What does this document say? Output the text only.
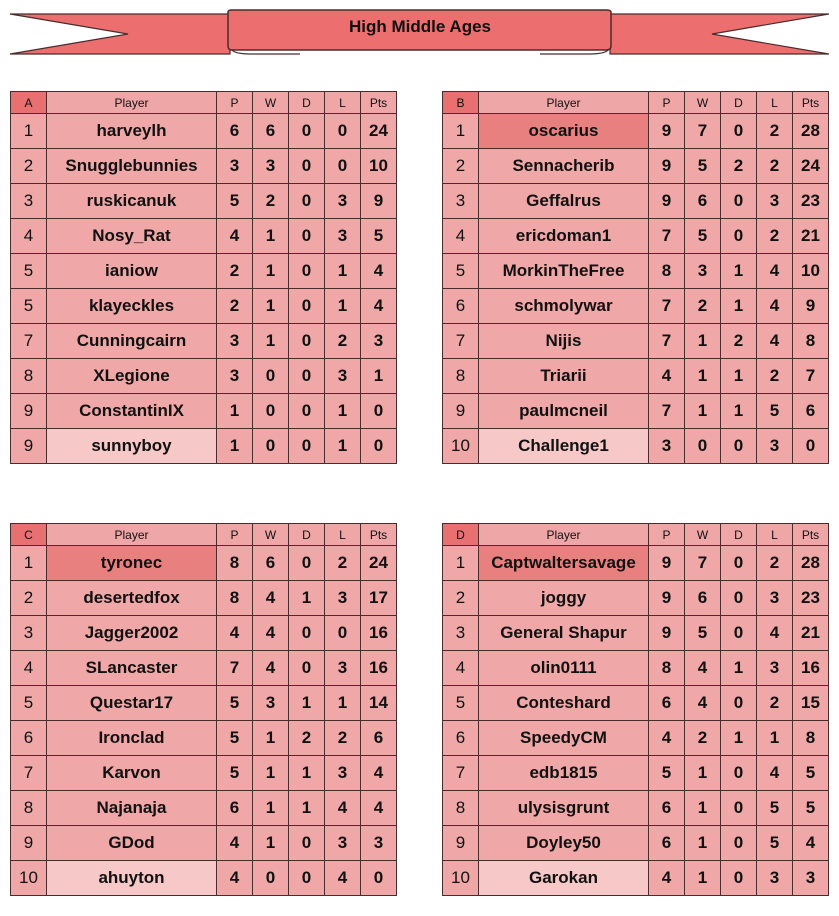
High Middle Ages
A	Player	P	W	D	L	Pts
1	harveylh	6	6	0	0	24
2	Snugglebunnies	3	3	0	0	10
3	ruskicanuk	5	2	0	3	9
4	Nosy_Rat	4	1	0	3	5
5	ianiow	2	1	0	1	4
5	klayeckles	2	1	0	1	4
7	Cunningcairn	3	1	0	2	3
8	XLegione	3	0	0	3	1
9	ConstantinIX	1	0	0	1	0
9	sunnyboy	1	0	0	1	0
B	Player	P	W	D	L	Pts
1	oscarius	9	7	0	2	28
2	Sennacherib	9	5	2	2	24
3	Geffalrus	9	6	0	3	23
4	ericdoman1	7	5	0	2	21
5	MorkinTheFree	8	3	1	4	10
6	schmolywar	7	2	1	4	9
7	Nijis	7	1	2	4	8
8	Triarii	4	1	1	2	7
9	paulmcneil	7	1	1	5	6
10	Challenge1	3	0	0	3	0
C	Player	P	W	D	L	Pts
1	tyronec	8	6	0	2	24
2	desertedfox	8	4	1	3	17
3	Jagger2002	4	4	0	0	16
4	SLancaster	7	4	0	3	16
5	Questar17	5	3	1	1	14
6	Ironclad	5	1	2	2	6
7	Karvon	5	1	1	3	4
8	Najanaja	6	1	1	4	4
9	GDod	4	1	0	3	3
10	ahuyton	4	0	0	4	0
D	Player	P	W	D	L	Pts
1	Captwaltersavage	9	7	0	2	28
2	joggy	9	6	0	3	23
3	General Shapur	9	5	0	4	21
4	olin0111	8	4	1	3	16
5	Conteshard	6	4	0	2	15
6	SpeedyCM	4	2	1	1	8
7	edb1815	5	1	0	4	5
8	ulysisgrunt	6	1	0	5	5
9	Doyley50	6	1	0	5	4
10	Garokan	4	1	0	3	3
